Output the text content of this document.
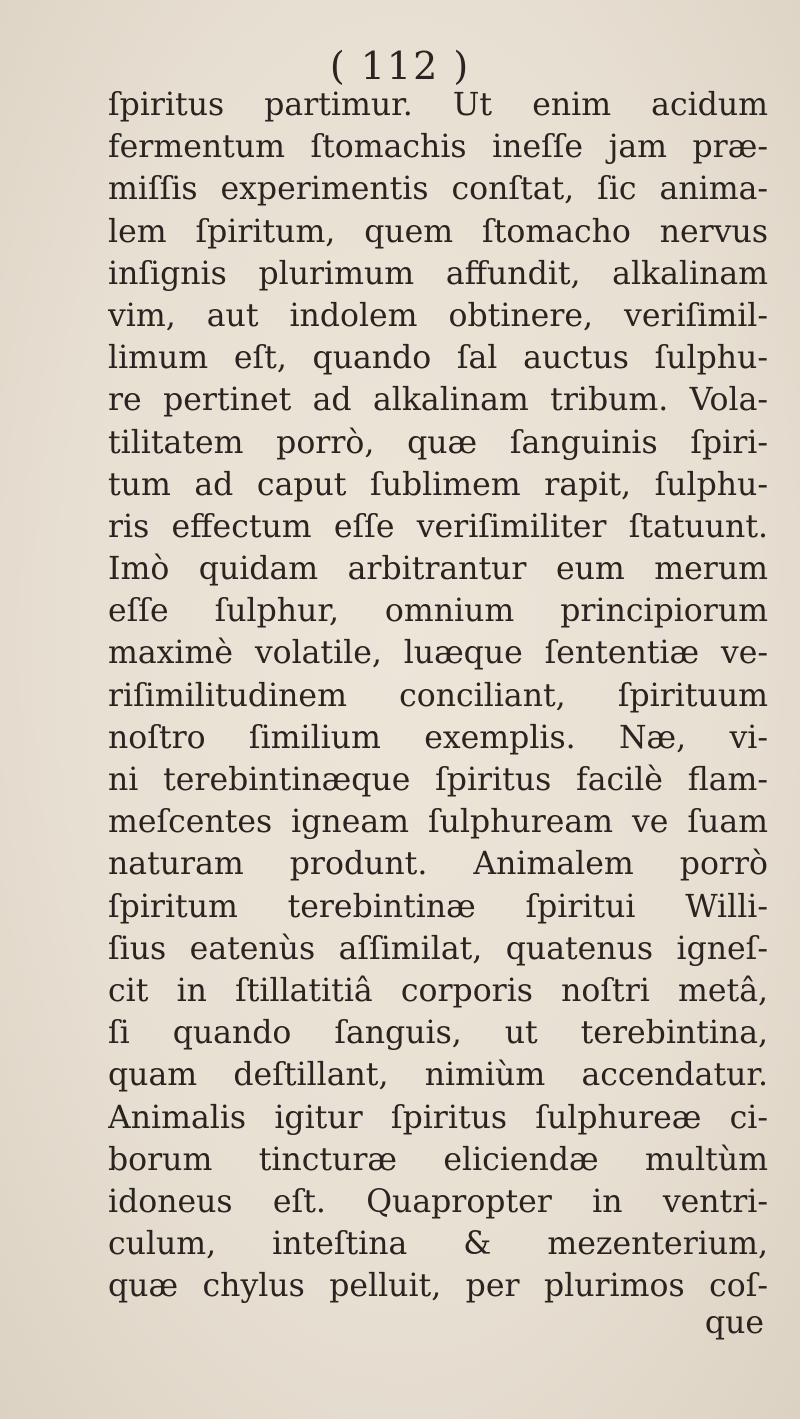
( 112 )
ſpiritus partimur. Ut enim acidum
fermentum ſtomachis ineſſe jam præ-
miſſis experimentis conſtat, ſic anima-
lem ſpiritum, quem ſtomacho nervus
inſignis plurimum affundit, alkalinam
vim, aut indolem obtinere, veriſimil-
limum eſt, quando ſal auctus ſulphu-
re pertinet ad alkalinam tribum. Vola-
tilitatem porrò, quæ ſanguinis ſpiri-
tum ad caput ſublimem rapit, ſulphu-
ris effectum eſſe veriſimiliter ſtatuunt.
Imò quidam arbitrantur eum merum
eſſe ſulphur, omnium principiorum
maximè volatile, luæque ſententiæ ve-
riſimilitudinem conciliant, ſpirituum
noſtro ſimilium exemplis. Næ, vi-
ni terebintinæque ſpiritus facilè flam-
meſcentes igneam ſulphuream ve ſuam
naturam produnt. Animalem porrò
ſpiritum terebintinæ ſpiritui Willi-
ſius eatenùs aſſimilat, quatenus igneſ-
cit in ſtillatitiâ corporis noſtri metâ,
ſi quando ſanguis, ut terebintina,
quam deſtillant, nimiùm accendatur.
Animalis igitur ſpiritus ſulphureæ ci-
borum tincturæ eliciendæ multùm
idoneus eſt. Quapropter in ventri-
culum, inteſtina & mezenterium,
quæ chylus pelluit, per plurimos coſ-
que
